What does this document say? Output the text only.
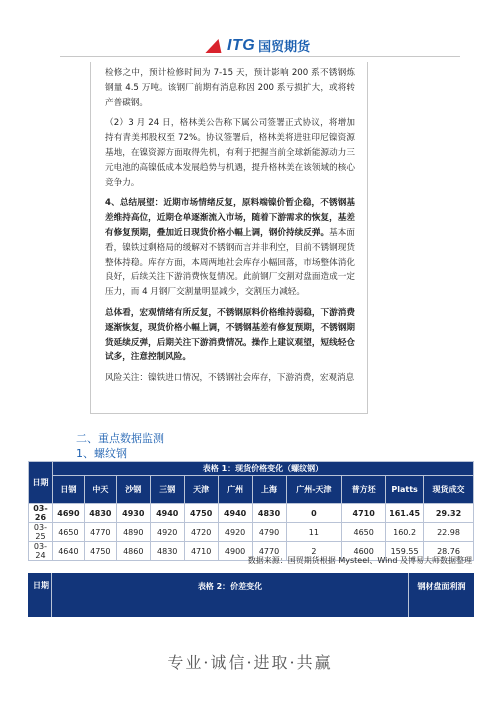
ITG 国贸期货

检修之中，预计检修时间为 7-15 天，预计影响 200 系不锈钢炼钢量 4.5 万吨。该钢厂前期有消息称因 200 系亏损扩大，或将转产普碳钢。

（2）3 月 24 日，格林美公告称下属公司签署正式协议，将增加持有青美邦股权至 72%。协议签署后，格林美将进驻印尼镍资源基地，在镍资源方面取得先机，有利于把握当前全球新能源动力三元电池的高镍低成本发展趋势与机遇，提升格林美在该领域的核心竞争力。

4、总结展望：近期市场情绪反复，原料端镍价暂企稳，不锈钢基差维持高位，近期仓单逐渐流入市场，随着下游需求的恢复，基差有修复预期，叠加近日现货价格小幅上调，钢价持续反弹。基本面看，镍铁过剩格局的缓解对不锈钢而言并非利空，目前不锈钢现货整体持稳。库存方面，本周两地社会库存小幅回落，市场整体消化良好，后续关注下游消费恢复情况。此前钢厂交割对盘面造成一定压力，而 4 月钢厂交割量明显减少，交割压力减轻。

总体看，宏观情绪有所反复，不锈钢原料价格维持弱稳，下游消费逐渐恢复，现货价格小幅上调，不锈钢基差有修复预期，不锈钢期货延续反弹，后期关注下游消费情况。操作上建议观望，短线轻仓试多，注意控制风险。

风险关注：镍铁进口情况，不锈钢社会库存，下游消费，宏观消息

二、重点数据监测
1、螺纹钢
日期	表格 1：现货价格变化（螺纹钢）										
	日钢	中天	沙钢	三钢	天津	广州	上海	广州-天津	普方坯	Platts	现货成交
03-26	4690	4830	4930	4940	4750	4940	4830	0	4710	161.45	29.32
03-25	4650	4770	4890	4920	4720	4920	4790	11	4650	160.2	22.98
03-24	4640	4750	4860	4830	4710	4900	4770	2	4600	159.55	28.76
数据来源：国贸期货根据 Mysteel、Wind 及博易大师数据整理
日期	表格 2：价差变化	钢材盘面利润
专业·诚信·进取·共赢
